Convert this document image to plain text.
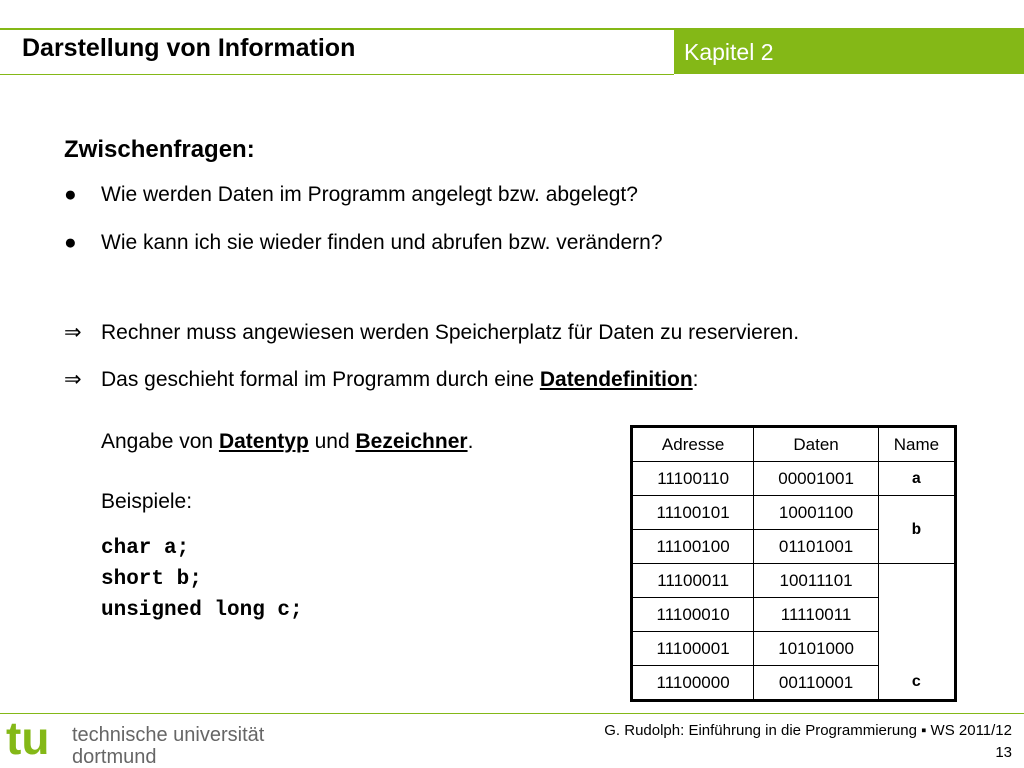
Darstellung von Information	Kapitel 2
Zwischenfragen:
● Wie werden Daten im Programm angelegt bzw. abgelegt?
● Wie kann ich sie wieder finden und abrufen bzw. verändern?
⇒ Rechner muss angewiesen werden Speicherplatz für Daten zu reservieren.
⇒ Das geschieht formal im Programm durch eine Datendefinition:
Angabe von Datentyp und Bezeichner.
Beispiele:
char a;
short b;
unsigned long c;
Adresse	Daten	Name
11100110	00001001	a
11100101	10001100	b
11100100	01101001	
11100011	10011101	c
11100010	11110011	
11100001	10101000	
11100000	00110001	
tu technische universität
dortmund
G. Rudolph: Einführung in die Programmierung ▪ WS 2011/12
13
